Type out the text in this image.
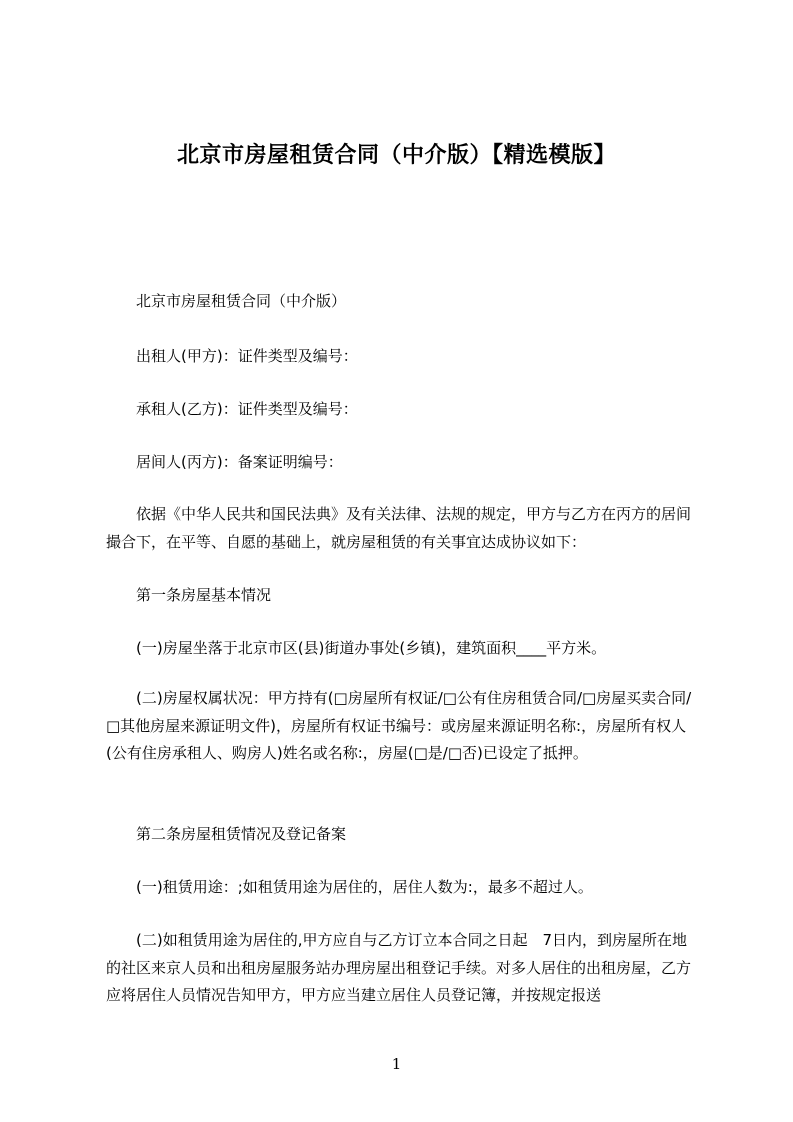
北京市房屋租赁合同（中介版）【精选模版】
北京市房屋租赁合同（中介版）
出租人(甲方)：证件类型及编号：
承租人(乙方)：证件类型及编号：
居间人(丙方)：备案证明编号：
依据《中华人民共和国民法典》及有关法律、法规的规定，甲方与乙方在丙方的居间撮合下，在平等、自愿的基础上，就房屋租赁的有关事宜达成协议如下：
第一条房屋基本情况
(一)房屋坐落于北京市区(县)街道办事处(乡镇)，建筑面积____平方米。
(二)房屋权属状况：甲方持有(□房屋所有权证/□公有住房租赁合同/□房屋买卖合同/□其他房屋来源证明文件)，房屋所有权证书编号：或房屋来源证明名称:，房屋所有权人(公有住房承租人、购房人)姓名或名称:，房屋(□是/□否)已设定了抵押。
第二条房屋租赁情况及登记备案
(一)租赁用途：;如租赁用途为居住的，居住人数为:，最多不超过人。
(二)如租赁用途为居住的,甲方应自与乙方订立本合同之日起　7日内，到房屋所在地的社区来京人员和出租房屋服务站办理房屋出租登记手续。对多人居住的出租房屋，乙方应将居住人员情况告知甲方，甲方应当建立居住人员登记簿，并按规定报送
1
